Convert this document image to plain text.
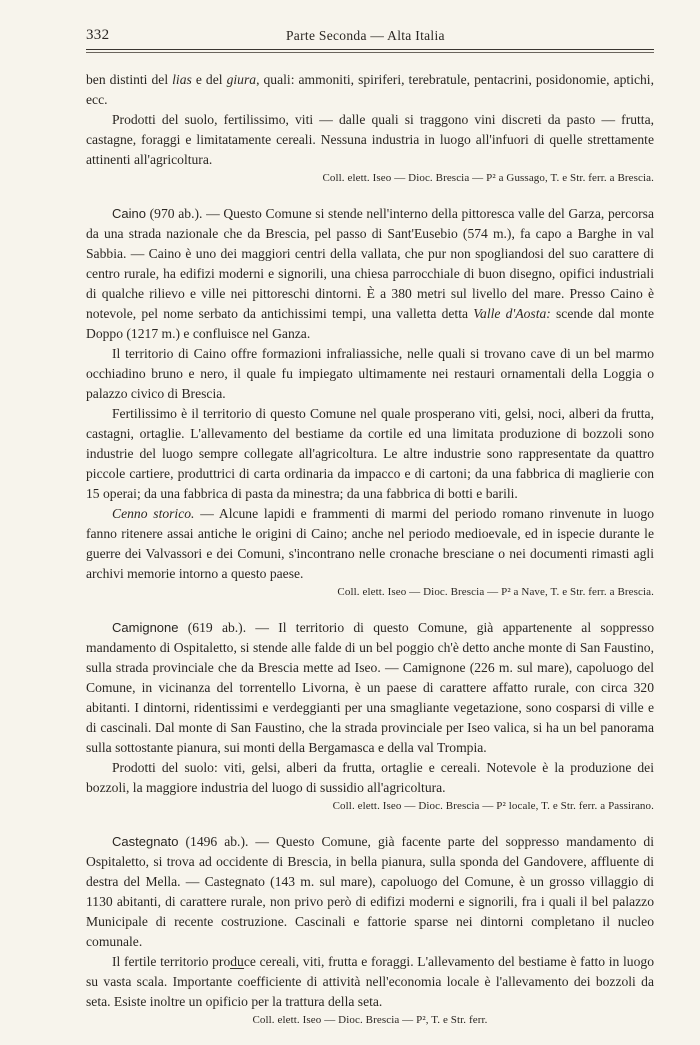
332	Parte Seconda — Alta Italia

ben distinti del lias e del giura, quali: ammoniti, spiriferi, terebratule, pentacrini, posidonomie, aptichi, ecc.

Prodotti del suolo, fertilissimo, viti — dalle quali si traggono vini discreti da pasto — frutta, castagne, foraggi e limitatamente cereali. Nessuna industria in luogo all'infuori di quelle strettamente attinenti all'agricoltura.

Coll. elett. Iseo — Dioc. Brescia — P² a Gussago, T. e Str. ferr. a Brescia.

Caino (970 ab.). — Questo Comune si stende nell'interno della pittoresca valle del Garza, percorsa da una strada nazionale che da Brescia, pel passo di Sant'Eusebio (574 m.), fa capo a Barghe in val Sabbia. — Caino è uno dei maggiori centri della vallata, che pur non spogliandosi del suo carattere di centro rurale, ha edifizi moderni e signorili, una chiesa parrocchiale di buon disegno, opifici industriali di qualche rilievo e ville nei pittoreschi dintorni. È a 380 metri sul livello del mare. Presso Caino è notevole, pel nome serbato da antichissimi tempi, una valletta detta Valle d'Aosta: scende dal monte Doppo (1217 m.) e confluisce nel Ganza.

Il territorio di Caino offre formazioni infraliassiche, nelle quali si trovano cave di un bel marmo occhiadino bruno e nero, il quale fu impiegato ultimamente nei restauri ornamentali della Loggia o palazzo civico di Brescia.

Fertilissimo è il territorio di questo Comune nel quale prosperano viti, gelsi, noci, alberi da frutta, castagni, ortaglie. L'allevamento del bestiame da cortile ed una limitata produzione di bozzoli sono industrie del luogo sempre collegate all'agricoltura. Le altre industrie sono rappresentate da quattro piccole cartiere, produttrici di carta ordinaria da impacco e di cartoni; da una fabbrica di maglierie con 15 operai; da una fabbrica di pasta da minestra; da una fabbrica di botti e barili.

Cenno storico. — Alcune lapidi e frammenti di marmi del periodo romano rinvenute in luogo fanno ritenere assai antiche le origini di Caino; anche nel periodo medioevale, ed in ispecie durante le guerre dei Valvassori e dei Comuni, s'incontrano nelle cronache bresciane o nei documenti rimasti agli archivi memorie intorno a questo paese.

Coll. elett. Iseo — Dioc. Brescia — P² a Nave, T. e Str. ferr. a Brescia.

Camignone (619 ab.). — Il territorio di questo Comune, già appartenente al soppresso mandamento di Ospitaletto, si stende alle falde di un bel poggio ch'è detto anche monte di San Faustino, sulla strada provinciale che da Brescia mette ad Iseo. — Camignone (226 m. sul mare), capoluogo del Comune, in vicinanza del torrentello Livorna, è un paese di carattere affatto rurale, con circa 320 abitanti. I dintorni, ridentissimi e verdeggianti per una smagliante vegetazione, sono cosparsi di ville e di cascinali. Dal monte di San Faustino, che la strada provinciale per Iseo valica, si ha un bel panorama sulla sottostante pianura, sui monti della Bergamasca e della val Trompia.

Prodotti del suolo: viti, gelsi, alberi da frutta, ortaglie e cereali. Notevole è la produzione dei bozzoli, la maggiore industria del luogo di sussidio all'agricoltura.

Coll. elett. Iseo — Dioc. Brescia — P² locale, T. e Str. ferr. a Passirano.

Castegnato (1496 ab.). — Questo Comune, già facente parte del soppresso mandamento di Ospitaletto, si trova ad occidente di Brescia, in bella pianura, sulla sponda del Gandovere, affluente di destra del Mella. — Castegnato (143 m. sul mare), capoluogo del Comune, è un grosso villaggio di 1130 abitanti, di carattere rurale, non privo però di edifizi moderni e signorili, fra i quali il bel palazzo Municipale di recente costruzione. Cascinali e fattorie sparse nei dintorni completano il nucleo comunale.

Il fertile territorio produce cereali, viti, frutta e foraggi. L'allevamento del bestiame è fatto in luogo su vasta scala. Importante coefficiente di attività nell'economia locale è l'allevamento dei bozzoli da seta. Esiste inoltre un opificio per la trattura della seta.

Coll. elett. Iseo — Dioc. Brescia — P², T. e Str. ferr.
